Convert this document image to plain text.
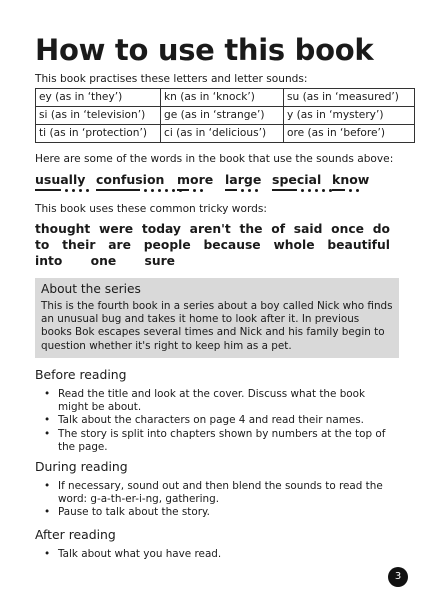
How to use this book

This book practises these letters and letter sounds:

ey (as in ‘they’)	kn (as in ‘knock’)	su (as in ‘measured’)
si (as in ‘television’)	ge (as in ‘strange’)	y (as in ‘mystery’)
ti (as in ‘protection’)	ci (as in ‘delicious’)	ore (as in ‘before’)

Here are some of the words in the book that use the sounds above:

usually confusion more large special know

This book uses these common tricky words:

thought were today aren't the of said once do
to their are people because whole beautiful
into one sure
About the series

This is the fourth book in a series about a boy called Nick who finds an unusual bug and takes it home to look after it. In previous books Bok escapes several times and Nick and his family begin to question whether it's right to keep him as a pet.

Before reading
• Read the title and look at the cover. Discuss what the book might be about.
• Talk about the characters on page 4 and read their names.
• The story is split into chapters shown by numbers at the top of the page.
During reading
• If necessary, sound out and then blend the sounds to read the word: g-a-th-er-i-ng, gathering.
• Pause to talk about the story.
After reading
• Talk about what you have read.
3
